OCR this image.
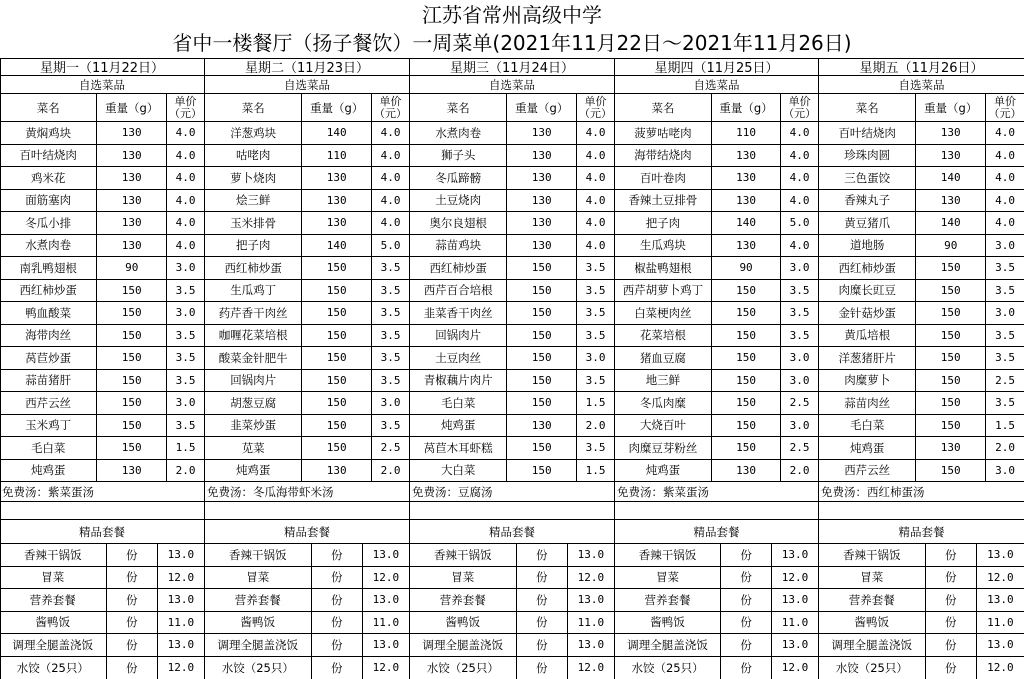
江苏省常州高级中学
省中一楼餐厅（扬子餐饮）一周菜单(2021年11月22日～2021年11月26日)
星期一（11月22日）
自选菜品
菜名	重量（g）	单价（元）
黄焖鸡块	130	4.0
百叶结烧肉	130	4.0
鸡米花	130	4.0
面筋塞肉	130	4.0
冬瓜小排	130	4.0
水煮肉卷	130	4.0
南乳鸭翅根	90	3.0
西红柿炒蛋	150	3.5
鸭血酸菜	150	3.0
海带肉丝	150	3.5
莴苣炒蛋	150	3.5
蒜苗猪肝	150	3.5
西芹云丝	150	3.0
玉米鸡丁	150	3.5
毛白菜	150	1.5
炖鸡蛋	130	2.0
免费汤：紫菜蛋汤
精品套餐
香辣干锅饭	份	13.0
冒菜	份	12.0
营养套餐	份	13.0
酱鸭饭	份	11.0
调理全腿盖浇饭	份	13.0
水饺（25只）	份	12.0
星期二（11月23日）
自选菜品
菜名	重量（g）	单价（元）
洋葱鸡块	140	4.0
咕咾肉	110	4.0
萝卜烧肉	130	4.0
烩三鲜	130	4.0
玉米排骨	130	4.0
把子肉	140	5.0
西红柿炒蛋	150	3.5
生瓜鸡丁	150	3.5
药芹香干肉丝	150	3.5
咖喱花菜培根	150	3.5
酸菜金针肥牛	150	3.5
回锅肉片	150	3.5
胡葱豆腐	150	3.0
韭菜炒蛋	150	3.5
苋菜	150	2.5
炖鸡蛋	130	2.0
免费汤：冬瓜海带虾米汤
精品套餐
香辣干锅饭	份	13.0
冒菜	份	12.0
营养套餐	份	13.0
酱鸭饭	份	11.0
调理全腿盖浇饭	份	13.0
水饺（25只）	份	12.0
星期三（11月24日）
自选菜品
菜名	重量（g）	单价（元）
水煮肉卷	130	4.0
狮子头	130	4.0
冬瓜蹄髈	130	4.0
土豆烧肉	130	4.0
奥尔良翅根	130	4.0
蒜苗鸡块	130	4.0
西红柿炒蛋	150	3.5
西芹百合培根	150	3.5
韭菜香干肉丝	150	3.5
回锅肉片	150	3.5
土豆肉丝	150	3.0
青椒藕片肉片	150	3.5
毛白菜	150	1.5
炖鸡蛋	130	2.0
莴苣木耳虾糕	150	3.5
大白菜	150	1.5
免费汤：豆腐汤
精品套餐
香辣干锅饭	份	13.0
冒菜	份	12.0
营养套餐	份	13.0
酱鸭饭	份	11.0
调理全腿盖浇饭	份	13.0
水饺（25只）	份	12.0
星期四（11月25日）
自选菜品
菜名	重量（g）	单价（元）
菠萝咕咾肉	110	4.0
海带结烧肉	130	4.0
百叶卷肉	130	4.0
香辣土豆排骨	130	4.0
把子肉	140	5.0
生瓜鸡块	130	4.0
椒盐鸭翅根	90	3.0
西芹胡萝卜鸡丁	150	3.5
白菜梗肉丝	150	3.5
花菜培根	150	3.5
猪血豆腐	150	3.0
地三鲜	150	3.0
冬瓜肉糜	150	2.5
大烧百叶	150	3.0
肉糜豆芽粉丝	150	2.5
炖鸡蛋	130	2.0
免费汤：紫菜蛋汤
精品套餐
香辣干锅饭	份	13.0
冒菜	份	12.0
营养套餐	份	13.0
酱鸭饭	份	11.0
调理全腿盖浇饭	份	13.0
水饺（25只）	份	12.0
星期五（11月26日）
自选菜品
菜名	重量（g）	单价（元）
百叶结烧肉	130	4.0
珍珠肉圆	130	4.0
三色蛋饺	140	4.0
香辣丸子	130	4.0
黄豆猪爪	140	4.0
道地肠	90	3.0
西红柿炒蛋	150	3.5
肉糜长豇豆	150	3.5
金针菇炒蛋	150	3.0
黄瓜培根	150	3.5
洋葱猪肝片	150	3.5
肉糜萝卜	150	2.5
蒜苗肉丝	150	3.5
毛白菜	150	1.5
炖鸡蛋	130	2.0
西芹云丝	150	3.0
免费汤：西红柿蛋汤
精品套餐
香辣干锅饭	份	13.0
冒菜	份	12.0
营养套餐	份	13.0
酱鸭饭	份	11.0
调理全腿盖浇饭	份	13.0
水饺（25只）	份	12.0
